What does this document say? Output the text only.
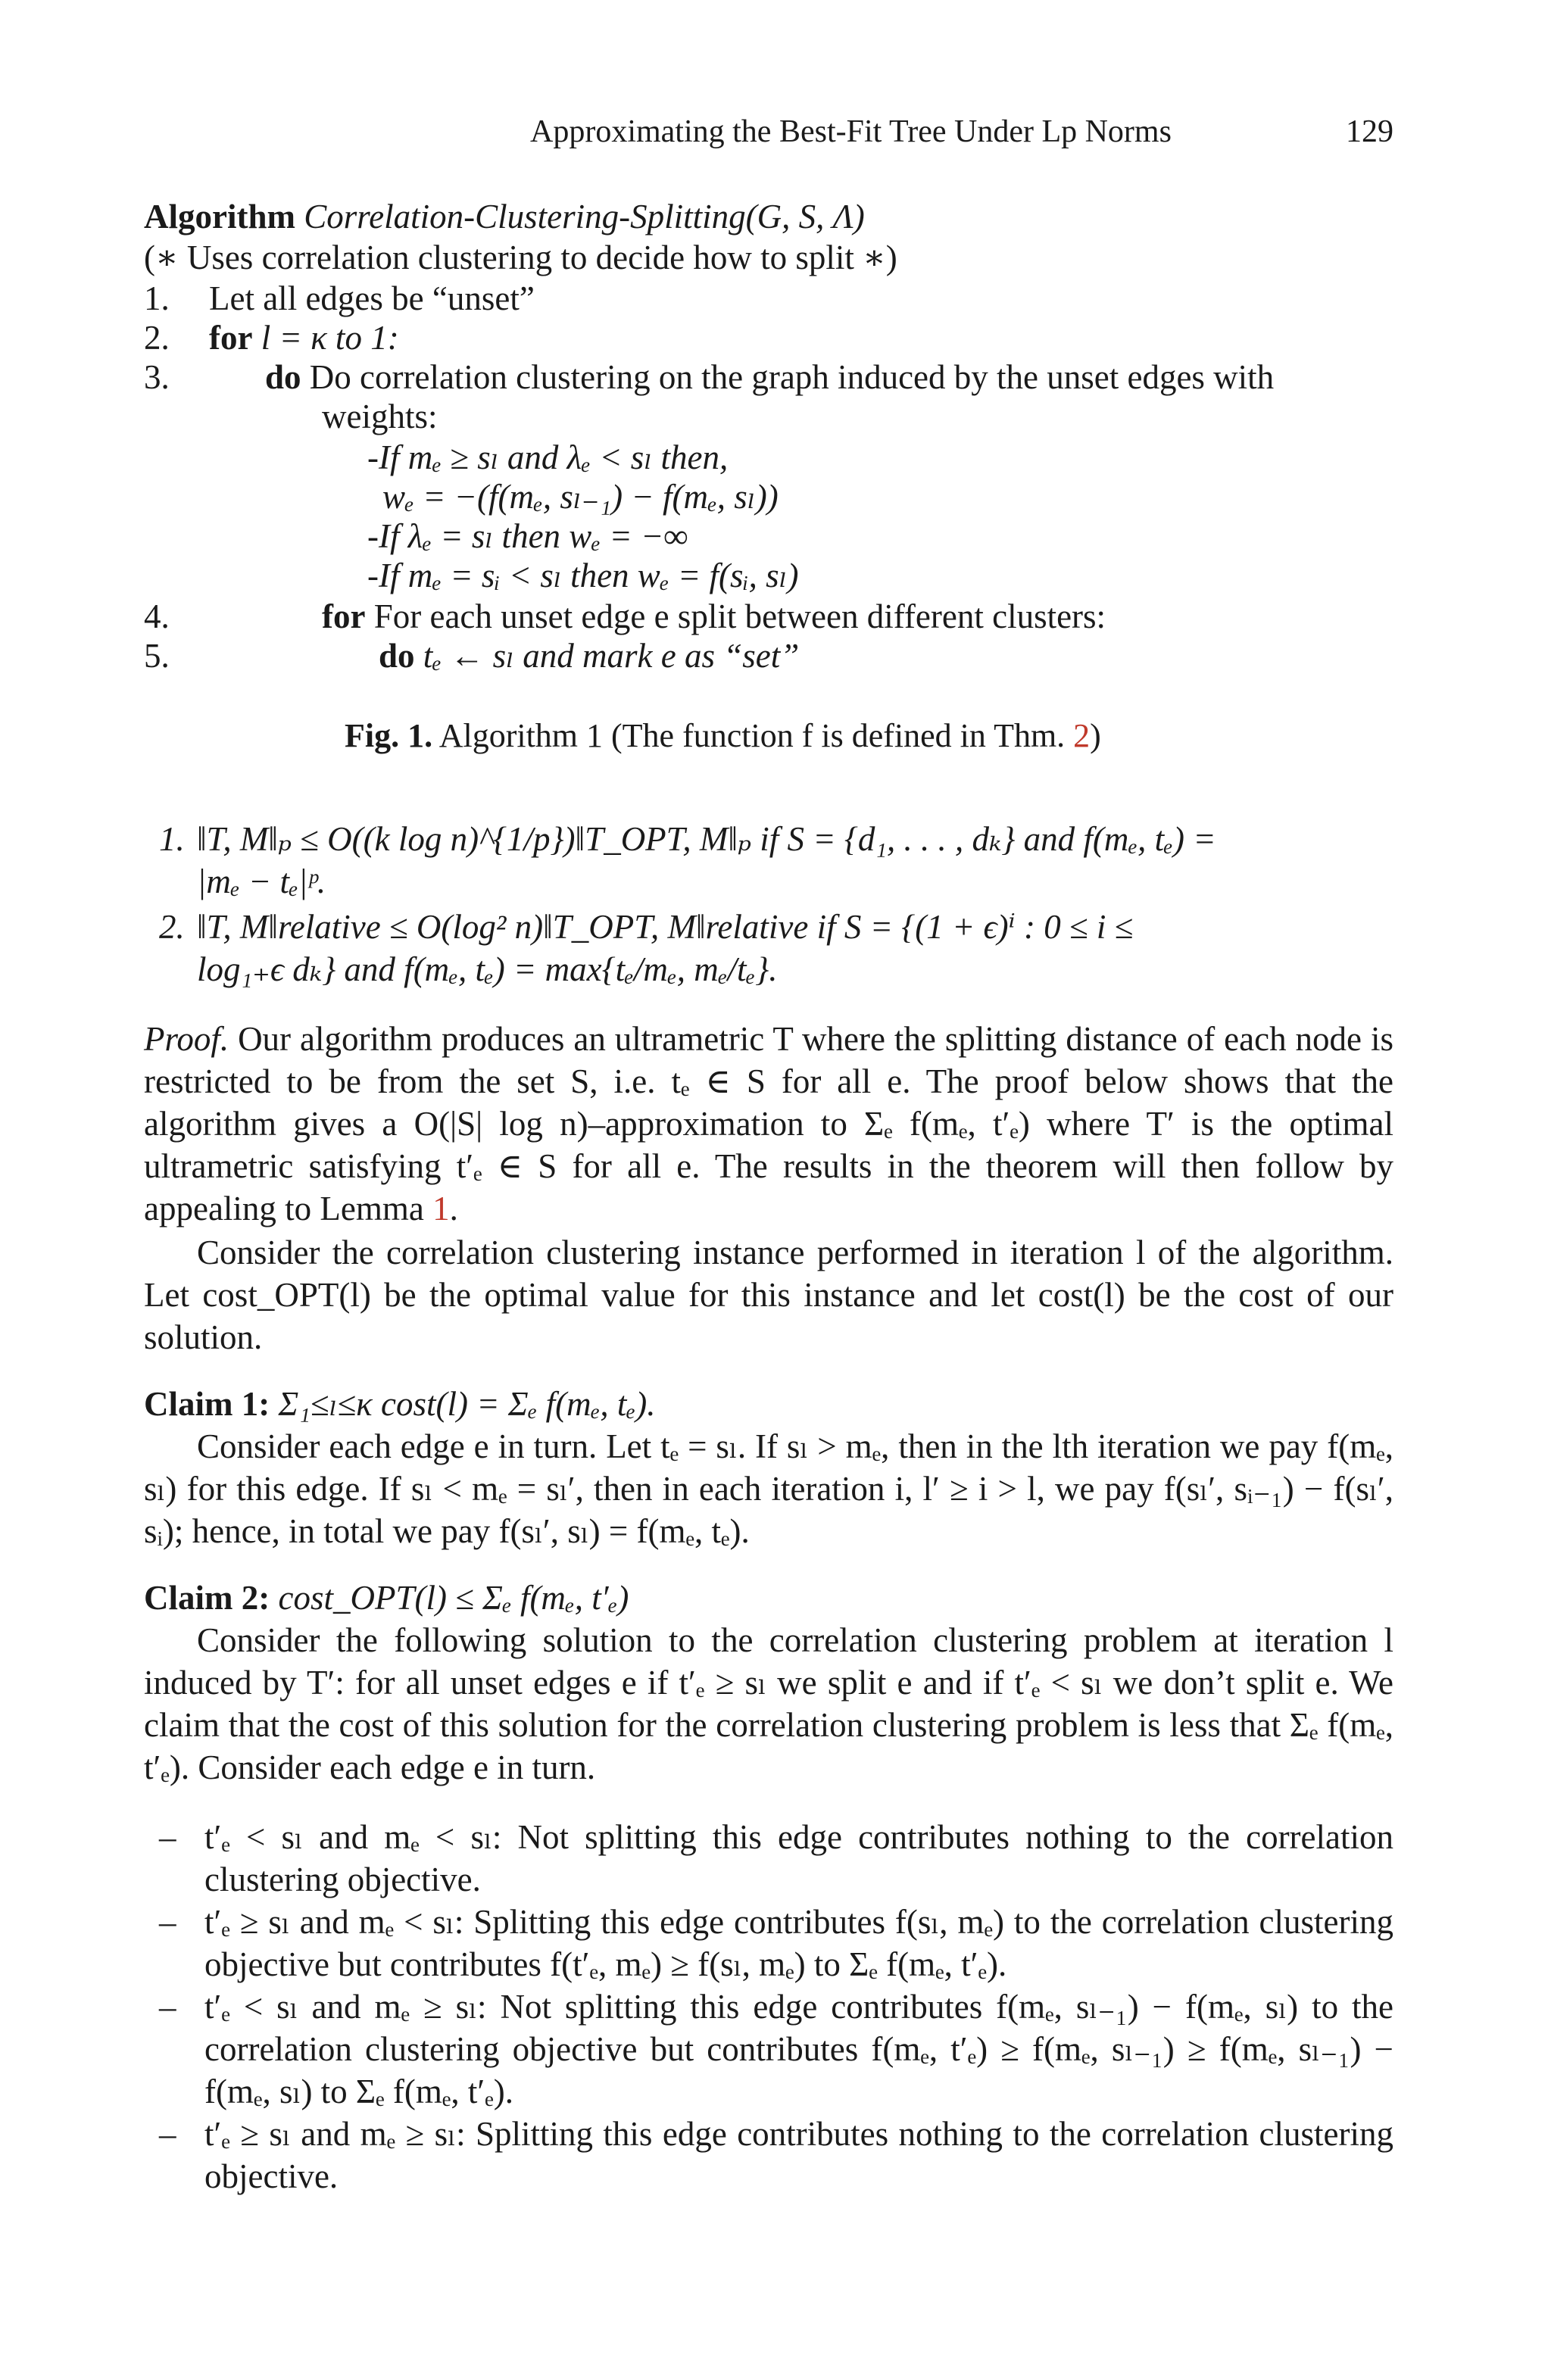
Approximating the Best-Fit Tree Under Lp Norms	129
Algorithm Correlation-Clustering-Splitting(G, S, Λ)
(∗ Uses correlation clustering to decide how to split ∗)
1. Let all edges be “unset”
2. for l = κ to 1:
3.	do Do correlation clustering on the graph induced by the unset edges with
weights:
-If mₑ ≥ sₗ and λₑ < sₗ then,
wₑ = −(f(mₑ, sₗ₋₁) − f(mₑ, sₗ))
-If λₑ = sₗ then wₑ = −∞
-If mₑ = sᵢ < sₗ then wₑ = f(sᵢ, sₗ)
4.	for For each unset edge e split between different clusters:
5.	do tₑ ← sₗ and mark e as “set”
Fig. 1. Algorithm 1 (The function f is defined in Thm. 2)
1. ‖T, M‖ₚ ≤ O((k log n)^{1/p})‖T_OPT, M‖ₚ if S = {d₁, . . . , dₖ} and f(mₑ, tₑ) =
|mₑ − tₑ|ᵖ.
2. ‖T, M‖relative ≤ O(log² n)‖T_OPT, M‖relative if S = {(1 + ϵ)ⁱ : 0 ≤ i ≤
log₁₊ϵ dₖ} and f(mₑ, tₑ) = max{tₑ/mₑ, mₑ/tₑ}.
Proof. Our algorithm produces an ultrametric T where the splitting distance of each node is restricted to be from the set S, i.e. tₑ ∈ S for all e. The proof below shows that the algorithm gives a O(|S| log n)–approximation to Σₑ f(mₑ, t′ₑ) where T′ is the optimal ultrametric satisfying t′ₑ ∈ S for all e. The results in the theorem will then follow by appealing to Lemma 1.
Consider the correlation clustering instance performed in iteration l of the algorithm. Let cost_OPT(l) be the optimal value for this instance and let cost(l) be the cost of our solution.
Claim 1: Σ₁≤ₗ≤κ cost(l) = Σₑ f(mₑ, tₑ).
Consider each edge e in turn. Let tₑ = sₗ. If sₗ > mₑ, then in the lth iteration we pay f(mₑ, sₗ) for this edge. If sₗ < mₑ = sₗ′, then in each iteration i, l′ ≥ i > l, we pay f(sₗ′, sᵢ₋₁) − f(sₗ′, sᵢ); hence, in total we pay f(sₗ′, sₗ) = f(mₑ, tₑ).
Claim 2: cost_OPT(l) ≤ Σₑ f(mₑ, t′ₑ)
Consider the following solution to the correlation clustering problem at iteration l induced by T′: for all unset edges e if t′ₑ ≥ sₗ we split e and if t′ₑ < sₗ we don’t split e. We claim that the cost of this solution for the correlation clustering problem is less that Σₑ f(mₑ, t′ₑ). Consider each edge e in turn.
– t′ₑ < sₗ and mₑ < sₗ: Not splitting this edge contributes nothing to the correlation clustering objective.
– t′ₑ ≥ sₗ and mₑ < sₗ: Splitting this edge contributes f(sₗ, mₑ) to the correlation clustering objective but contributes f(t′ₑ, mₑ) ≥ f(sₗ, mₑ) to Σₑ f(mₑ, t′ₑ).
– t′ₑ < sₗ and mₑ ≥ sₗ: Not splitting this edge contributes f(mₑ, sₗ₋₁) − f(mₑ, sₗ) to the correlation clustering objective but contributes f(mₑ, t′ₑ) ≥ f(mₑ, sₗ₋₁) ≥ f(mₑ, sₗ₋₁) − f(mₑ, sₗ) to Σₑ f(mₑ, t′ₑ).
– t′ₑ ≥ sₗ and mₑ ≥ sₗ: Splitting this edge contributes nothing to the correlation clustering objective.
